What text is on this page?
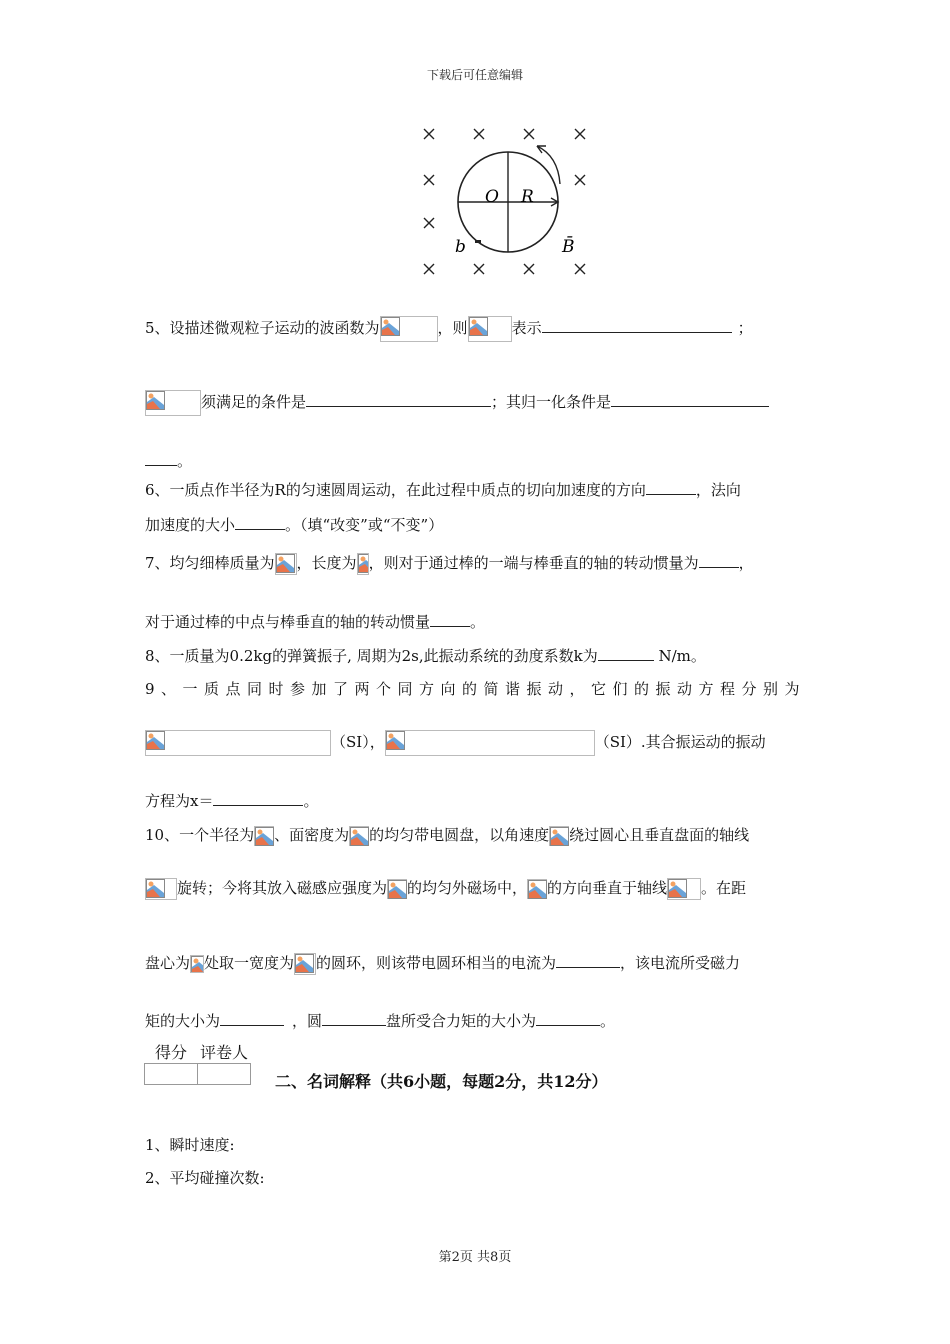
下载后可任意编辑
O R
b	B̄
5、设描述微观粒子运动的波函数为	，则	表示	；
须满足的条件是	；其归一化条件是
。
6、一质点作半径为R的匀速圆周运动，在此过程中质点的切向加速度的方向	，法向
加速度的大小	。（填“改变”或“不变”）
7、均匀细棒质量为 ，长度为 ，则对于通过棒的一端与棒垂直的轴的转动惯量为	，
对于通过棒的中点与棒垂直的轴的转动惯量	。
8、一质量为0.2kg的弹簧振子, 周期为2s,此振动系统的劲度系数k为	N/m。
9、一质点同时参加了两个同方向的简谐振动，它们的振动方程分别为
（SI），	（SI）.其合振运动的振动
方程为x＝	。
10、一个半径为 、面密度为 的均匀带电圆盘，以角速度 绕过圆心且垂直盘面的轴线
旋转；今将其放入磁感应强度为 的均匀外磁场中， 的方向垂直于轴线 。在距
盘心为 处取一宽度为 的圆环，则该带电圆环相当的电流为	，该电流所受磁力
矩的大小为	，圆	盘所受合力矩的大小为	。
得分	评卷人

二、名词解释（共6小题，每题2分，共12分）
1、瞬时速度:
2、平均碰撞次数:
第2页 共8页
